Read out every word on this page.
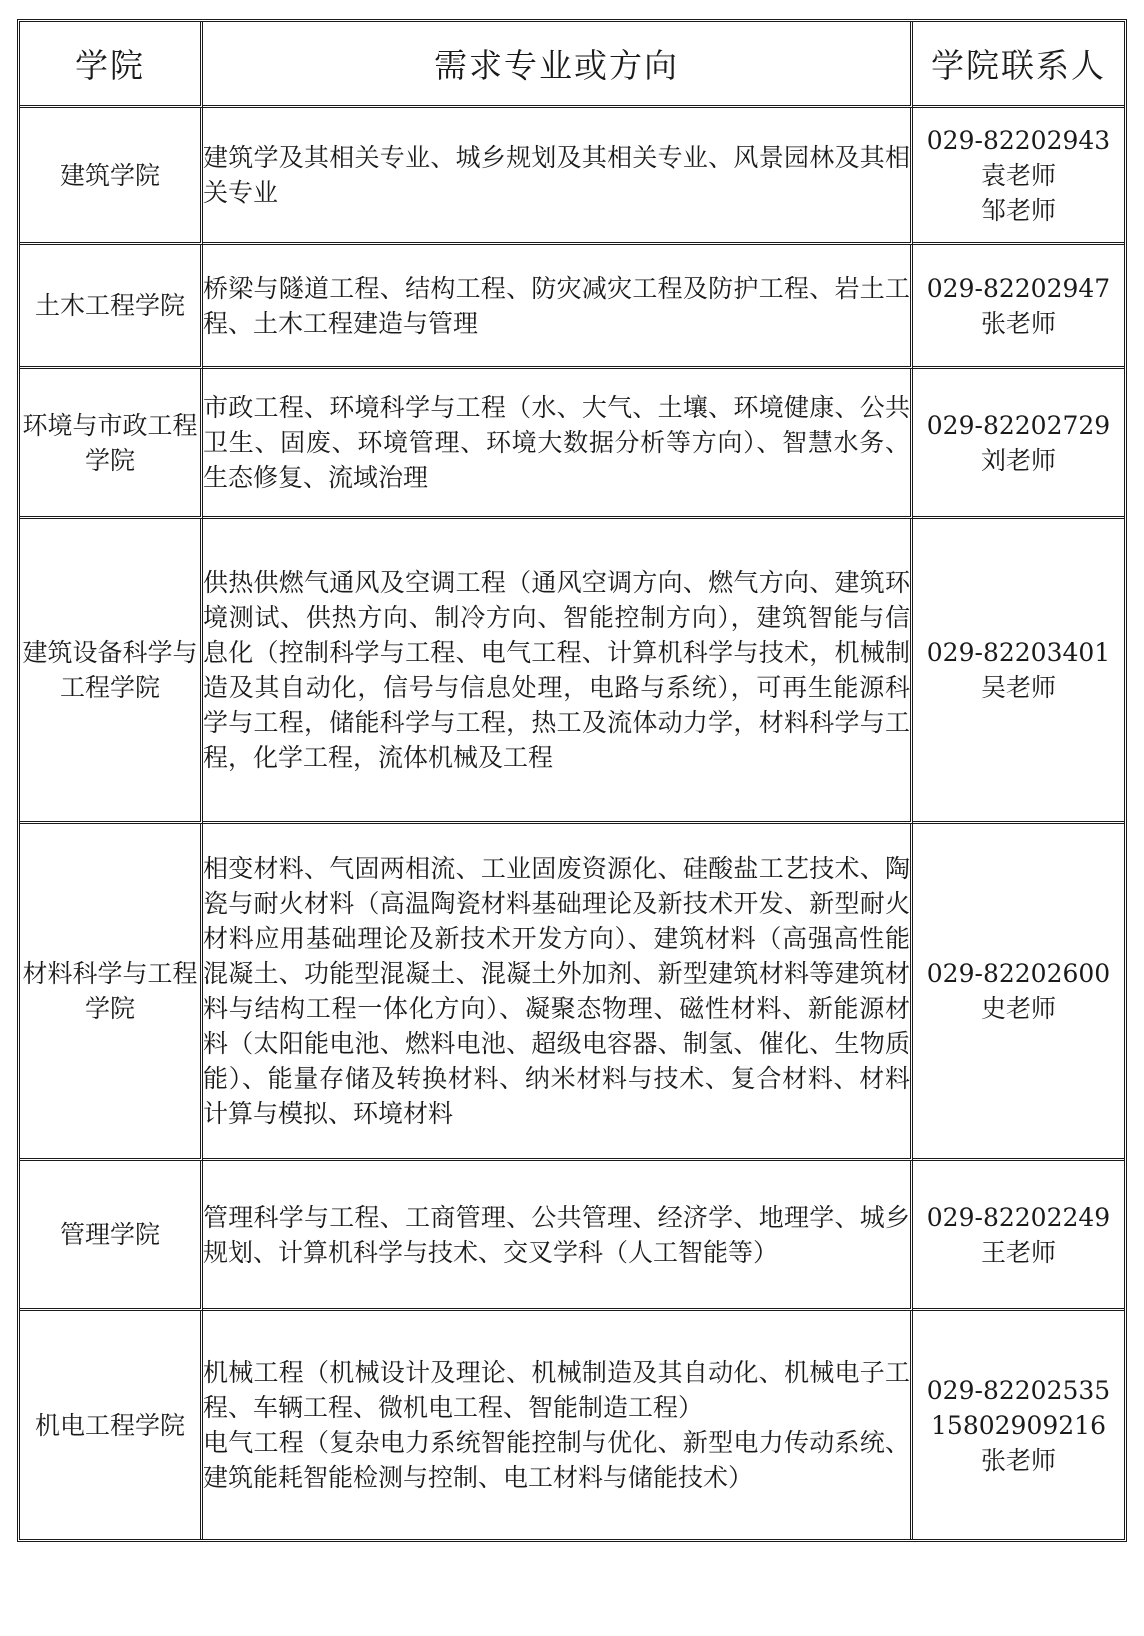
学院	需求专业或方向	学院联系人
建筑学院	建筑学及其相关专业、城乡规划及其相关专业、风景园林及其相关专业	029-82202943
袁老师
邹老师

土木工程学院	桥梁与隧道工程、结构工程、防灾减灾工程及防护工程、岩土工程、土木工程建造与管理	029-82202947
张老师

环境与市政工程学院	市政工程、环境科学与工程（水、大气、土壤、环境健康、公共卫生、固废、环境管理、环境大数据分析等方向）、智慧水务、生态修复、流域治理	029-82202729
刘老师

建筑设备科学与工程学院	供热供燃气通风及空调工程（通风空调方向、燃气方向、建筑环境测试、供热方向、制冷方向、智能控制方向），建筑智能与信息化（控制科学与工程、电气工程、计算机科学与技术，机械制造及其自动化，信号与信息处理，电路与系统），可再生能源科学与工程，储能科学与工程，热工及流体动力学，材料科学与工程，化学工程，流体机械及工程	029-82203401
吴老师

材料科学与工程学院	相变材料、气固两相流、工业固废资源化、硅酸盐工艺技术、陶瓷与耐火材料（高温陶瓷材料基础理论及新技术开发、新型耐火材料应用基础理论及新技术开发方向）、建筑材料（高强高性能混凝土、功能型混凝土、混凝土外加剂、新型建筑材料等建筑材料与结构工程一体化方向）、凝聚态物理、磁性材料、新能源材料（太阳能电池、燃料电池、超级电容器、制氢、催化、生物质能）、能量存储及转换材料、纳米材料与技术、复合材料、材料计算与模拟、环境材料	029-82202600
史老师

管理学院	管理科学与工程、工商管理、公共管理、经济学、地理学、城乡规划、计算机科学与技术、交叉学科（人工智能等）	029-82202249
王老师

机电工程学院	机械工程（机械设计及理论、机械制造及其自动化、机械电子工程、车辆工程、微机电工程、智能制造工程）
电气工程（复杂电力系统智能控制与优化、新型电力传动系统、建筑能耗智能检测与控制、电工材料与储能技术）	029-82202535
15802909216
张老师
